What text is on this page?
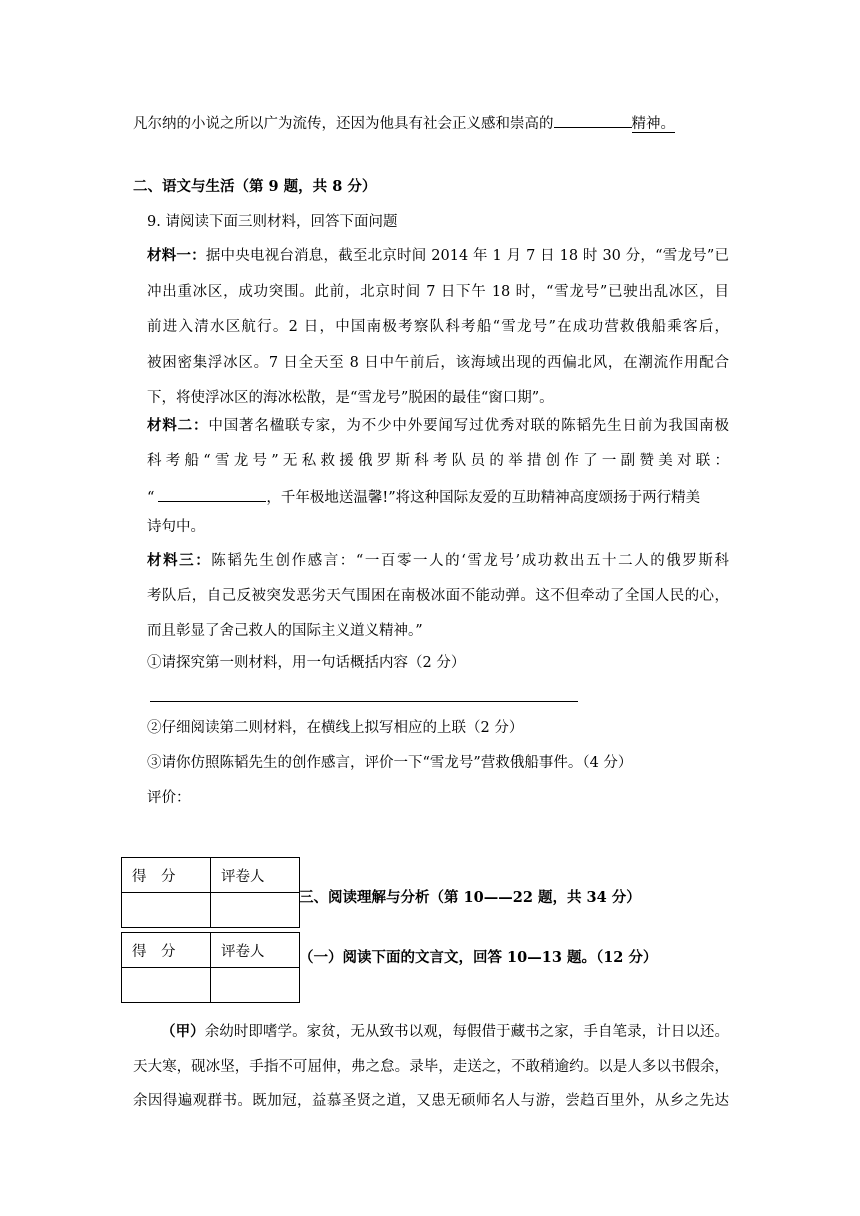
凡尔纳的小说之所以广为流传，还因为他具有社会正义感和崇高的	精神。
二、语文与生活（第 9 题，共 8 分）
9. 请阅读下面三则材料，回答下面问题
材料一：据中央电视台消息，截至北京时间 2014 年 1 月 7 日 18 时 30 分，“雪龙号”已
冲出重冰区，成功突围。此前，北京时间 7 日下午 18 时，“雪龙号”已驶出乱冰区，目
前进入清水区航行。2 日，中国南极考察队科考船“雪龙号”在成功营救俄船乘客后，
被困密集浮冰区。7 日全天至 8 日中午前后，该海域出现的西偏北风，在潮流作用配合
下，将使浮冰区的海冰松散，是“雪龙号”脱困的最佳“窗口期”。
材料二：中国著名楹联专家，为不少中外要闻写过优秀对联的陈韬先生日前为我国南极
科考船“雪龙号”无私救援俄罗斯科考队员的举措创作了一副赞美对联：
“	，千年极地送温馨!”将这种国际友爱的互助精神高度颂扬于两行精美
诗句中。
材料三：陈韬先生创作感言：“一百零一人的‘雪龙号’成功救出五十二人的俄罗斯科
考队后，自己反被突发恶劣天气围困在南极冰面不能动弹。这不但牵动了全国人民的心，
而且彰显了舍己救人的国际主义道义精神。”
①请探究第一则材料，用一句话概括内容（2 分）
②仔细阅读第二则材料，在横线上拟写相应的上联（2 分）
③请你仿照陈韬先生的创作感言，评价一下“雪龙号”营救俄船事件。（4 分）
评价：
得　分	评卷人

三、阅读理解与分析（第 10——22 题，共 34 分）
得　分	评卷人
	（一）阅读下面的文言文，回答 10—13 题。（12 分）
（甲）余幼时即嗜学。家贫，无从致书以观，每假借于藏书之家，手自笔录，计日以还。
天大寒，砚冰坚，手指不可屈伸，弗之怠。录毕，走送之，不敢稍逾约。以是人多以书假余，
余因得遍观群书。既加冠，益慕圣贤之道，又患无硕师名人与游，尝趋百里外，从乡之先达
